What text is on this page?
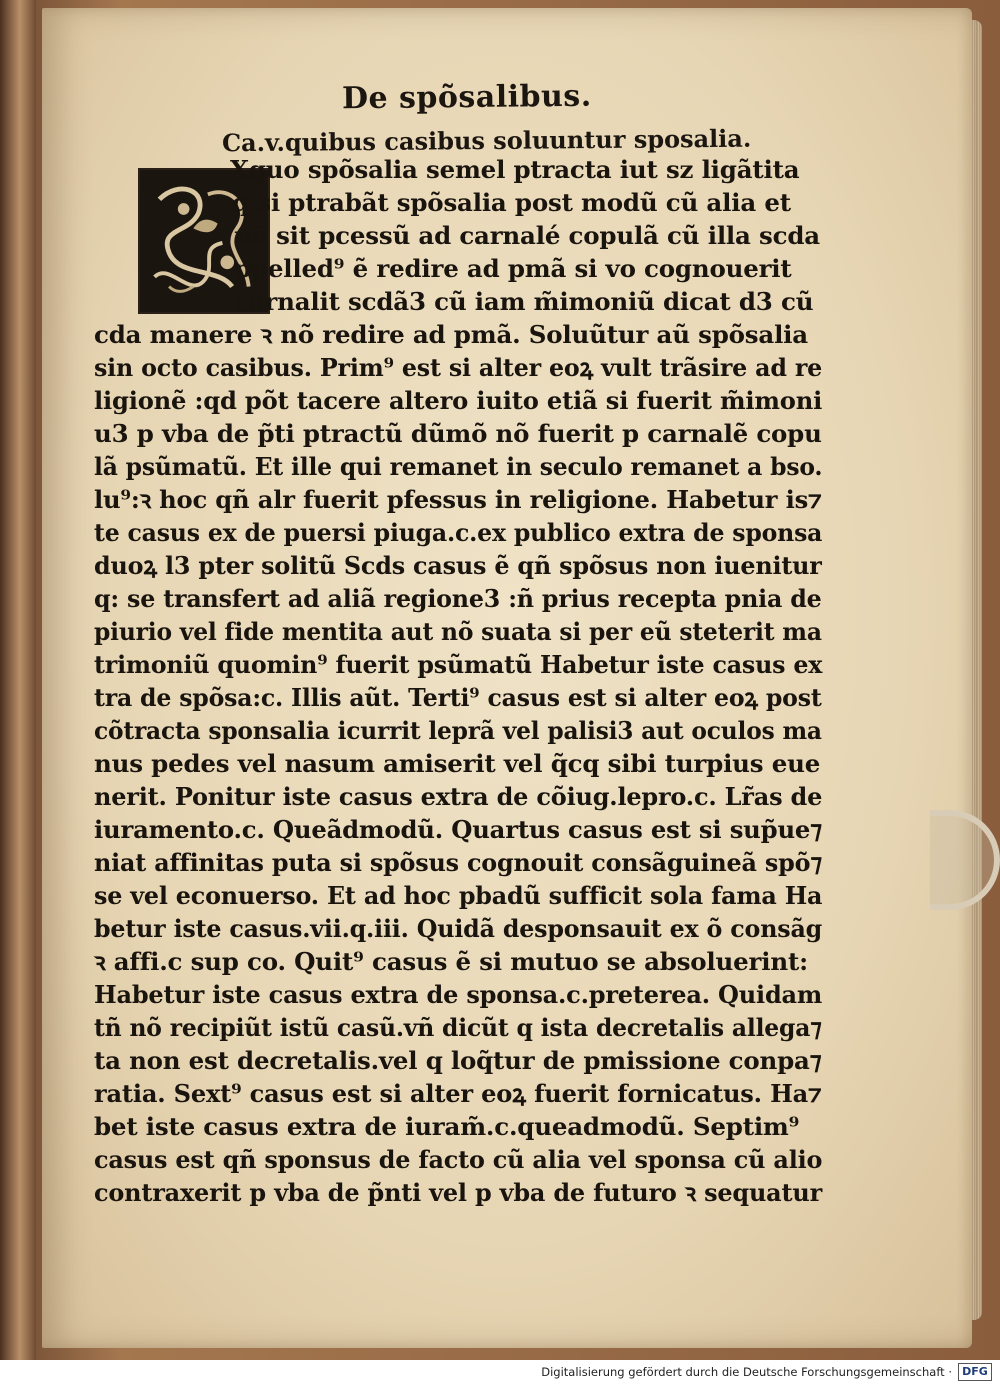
De spõsalibus.
Ca.v.quibus casibus soluuntur sposalia.
Xquo spõsalia semel ptracta iut sz ligãtita
q si ptrabãt spõsalia post modũ cũ alia et
nõ sit pcessũ ad carnalé copulã cũ illa scda
ppelled⁹ ẽ redire ad pmã si vo cognouerit
carnalit scdã3 cũ iam m̃imoniũ dicat d3 cũ
cda manere ꝛ nõ redire ad pmã. Soluũtur aũ spõsalia
sin octo casibus. Prim⁹ est si alter eoꝝ vult trãsire ad re
ligionẽ :qd põt tacere altero iuito etiã si fuerit m̃imoni
u3 p vba de p̃ti ptractũ dũmõ nõ fuerit p carnalẽ copu
lã psũmatũ. Et ille qui remanet in seculo remanet a bso.
lu⁹:ꝛ hoc qñ alr fuerit pfessus in religione. Habetur is⁊
te casus ex de puersi piuga.c.ex publico extra de sponsa
duoꝝ l3 pter solitũ Scds casus ẽ qñ spõsus non iuenitur
q: se transfert ad aliã regione3 :ñ prius recepta pnia de
piurio vel fide mentita aut nõ suata si per eũ steterit ma
trimoniũ quomin⁹ fuerit psũmatũ Habetur iste casus ex
tra de spõsa:c. Illis aũt. Terti⁹ casus est si alter eoꝝ post
cõtracta sponsalia icurrit leprã vel palisi3 aut oculos ma
nus pedes vel nasum amiserit vel q̃cq sibi turpius eue
nerit. Ponitur iste casus extra de cõiug.lepro.c. Lr̃as de
iuramento.c. Queãdmodũ. Quartus casus est si sup̃ue⁊
niat affinitas puta si spõsus cognouit consãguineã spõ⁊
se vel econuerso. Et ad hoc pbadũ sufficit sola fama Ha
betur iste casus.vii.q.iii. Quidã desponsauit ex õ consãg
ꝛ affi.c sup co. Quit⁹ casus ẽ si mutuo se absoluerint:
Habetur iste casus extra de sponsa.c.preterea. Quidam
tñ nõ recipiũt istũ casũ.vñ dicũt q ista decretalis allega⁊
ta non est decretalis.vel q loq̃tur de pmissione conpa⁊
ratia. Sext⁹ casus est si alter eoꝝ fuerit fornicatus. Ha⁊
bet iste casus extra de iuram̃.c.queadmodũ. Septim⁹
casus est qñ sponsus de facto cũ alia vel sponsa cũ alio
contraxerit p vba de p̃nti vel p vba de futuro ꝛ sequatur
Digitalisierung gefördert durch die Deutsche Forschungsgemeinschaft · DFG
